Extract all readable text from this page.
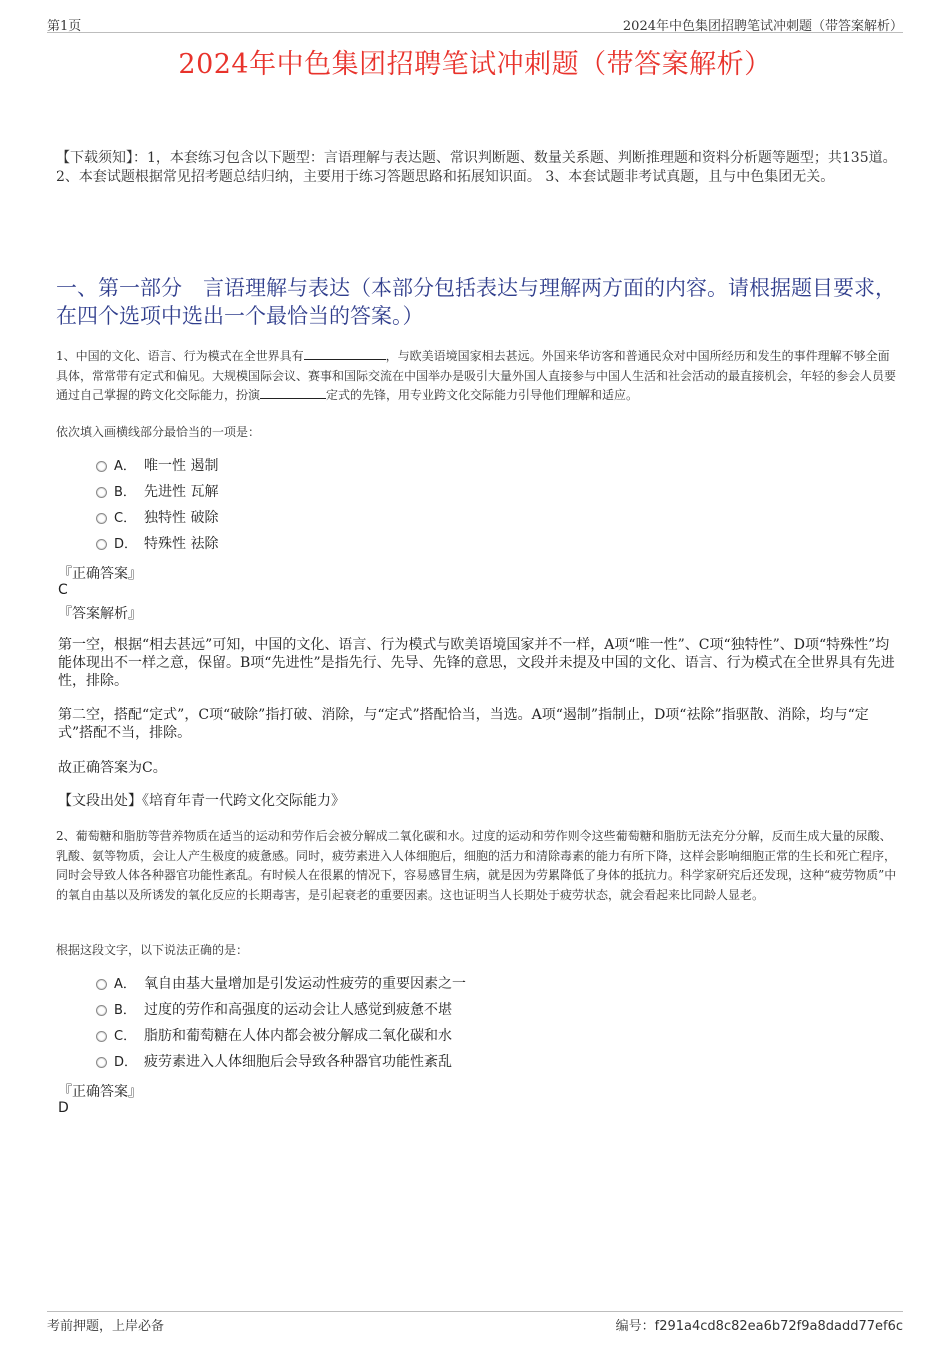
第1页	2024年中色集团招聘笔试冲刺题（带答案解析）
2024年中色集团招聘笔试冲刺题（带答案解析）
【下载须知】：1，本套练习包含以下题型：言语理解与表达题、常识判断题、数量关系题、判断推理题和资料分析题等题型；共135道。 2、本套试题根据常见招考题总结归纳，主要用于练习答题思路和拓展知识面。 3、本套试题非考试真题，且与中色集团无关。
一、第一部分　言语理解与表达（本部分包括表达与理解两方面的内容。请根据题目要求，在四个选项中选出一个最恰当的答案。）
1、中国的文化、语言、行为模式在全世界具有	，与欧美语境国家相去甚远。外国来华访客和普通民众对中国所经历和发生的事件理解不够全面具体，常常带有定式和偏见。大规模国际会议、赛事和国际交流在中国举办是吸引大量外国人直接参与中国人生活和社会活动的最直接机会，年轻的参会人员要通过自己掌握的跨文化交际能力，扮演	定式的先锋，用专业跨文化交际能力引导他们理解和适应。
依次填入画横线部分最恰当的一项是：
A． 唯一性 遏制
B． 先进性 瓦解
C． 独特性 破除
D． 特殊性 祛除
『正确答案』
C
『答案解析』
第一空，根据“相去甚远”可知，中国的文化、语言、行为模式与欧美语境国家并不一样，A项“唯一性”、C项“独特性”、D项“特殊性”均能体现出不一样之意，保留。B项“先进性”是指先行、先导、先锋的意思，文段并未提及中国的文化、语言、行为模式在全世界具有先进性，排除。
第二空，搭配“定式”，C项“破除”指打破、消除，与“定式”搭配恰当，当选。A项“遏制”指制止，D项“祛除”指驱散、消除，均与“定式”搭配不当，排除。
故正确答案为C。
【文段出处】《培育年青一代跨文化交际能力》
2、葡萄糖和脂肪等营养物质在适当的运动和劳作后会被分解成二氧化碳和水。过度的运动和劳作则令这些葡萄糖和脂肪无法充分分解，反而生成大量的尿酸、乳酸、氨等物质，会让人产生极度的疲惫感。同时，疲劳素进入人体细胞后，细胞的活力和清除毒素的能力有所下降，这样会影响细胞正常的生长和死亡程序，同时会导致人体各种器官功能性紊乱。有时候人在很累的情况下，容易感冒生病，就是因为劳累降低了身体的抵抗力。科学家研究后还发现，这种“疲劳物质”中的氧自由基以及所诱发的氧化反应的长期毒害，是引起衰老的重要因素。这也证明当人长期处于疲劳状态，就会看起来比同龄人显老。
根据这段文字，以下说法正确的是：
A． 氧自由基大量增加是引发运动性疲劳的重要因素之一
B． 过度的劳作和高强度的运动会让人感觉到疲惫不堪
C． 脂肪和葡萄糖在人体内都会被分解成二氧化碳和水
D． 疲劳素进入人体细胞后会导致各种器官功能性紊乱
『正确答案』
D
考前押题，上岸必备	编号：f291a4cd8c82ea6b72f9a8dadd77ef6c
